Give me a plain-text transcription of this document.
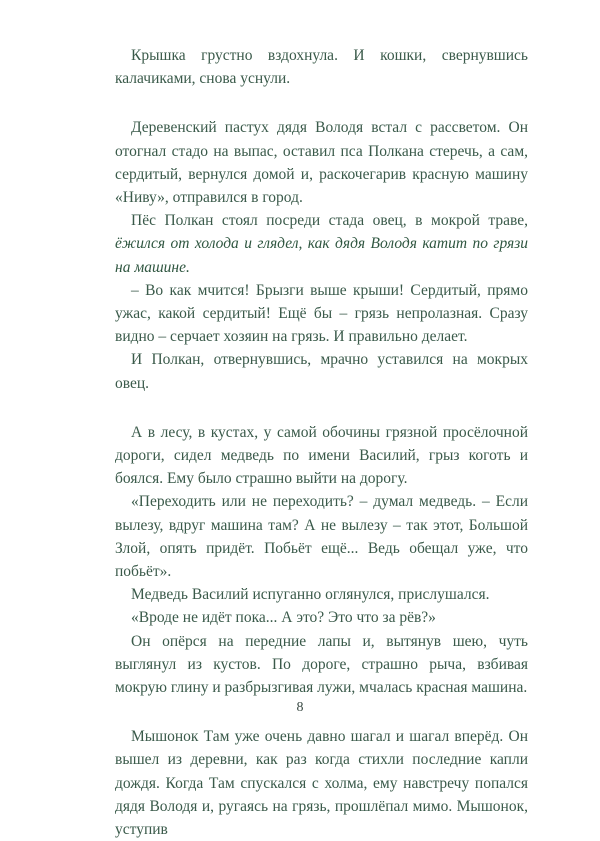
Крышка грустно вздохнула. И кошки, свернувшись калачиками, снова уснули.

Деревенский пастух дядя Володя встал с рассветом. Он отогнал стадо на выпас, оставил пса Полкана стеречь, а сам, сердитый, вернулся домой и, раскочегарив красную машину «Ниву», отправился в город.

Пёс Полкан стоял посреди стада овец, в мокрой траве, ёжился от холода и глядел, как дядя Володя катит по грязи на машине.

– Во как мчится! Брызги выше крыши! Сердитый, прямо ужас, какой сердитый! Ещё бы – грязь непролазная. Сразу видно – серчает хозяин на грязь. И правильно делает.

И Полкан, отвернувшись, мрачно уставился на мокрых овец.

А в лесу, в кустах, у самой обочины грязной просёлочной дороги, сидел медведь по имени Василий, грыз коготь и боялся. Ему было страшно выйти на дорогу.

«Переходить или не переходить? – думал медведь. – Если вылезу, вдруг машина там? А не вылезу – так этот, Большой Злой, опять придёт. Побьёт ещё... Ведь обещал уже, что побьёт».

Медведь Василий испуганно оглянулся, прислушался.

«Вроде не идёт пока... А это? Это что за рёв?»

Он опёрся на передние лапы и, вытянув шею, чуть выглянул из кустов. По дороге, страшно рыча, взбивая мокрую глину и разбрызгивая лужи, мчалась красная машина.

Мышонок Там уже очень давно шагал и шагал вперёд. Он вышел из деревни, как раз когда стихли последние капли дождя. Когда Там спускался с холма, ему навстречу попался дядя Володя и, ругаясь на грязь, прошлёпал мимо. Мышонок, уступив

8
